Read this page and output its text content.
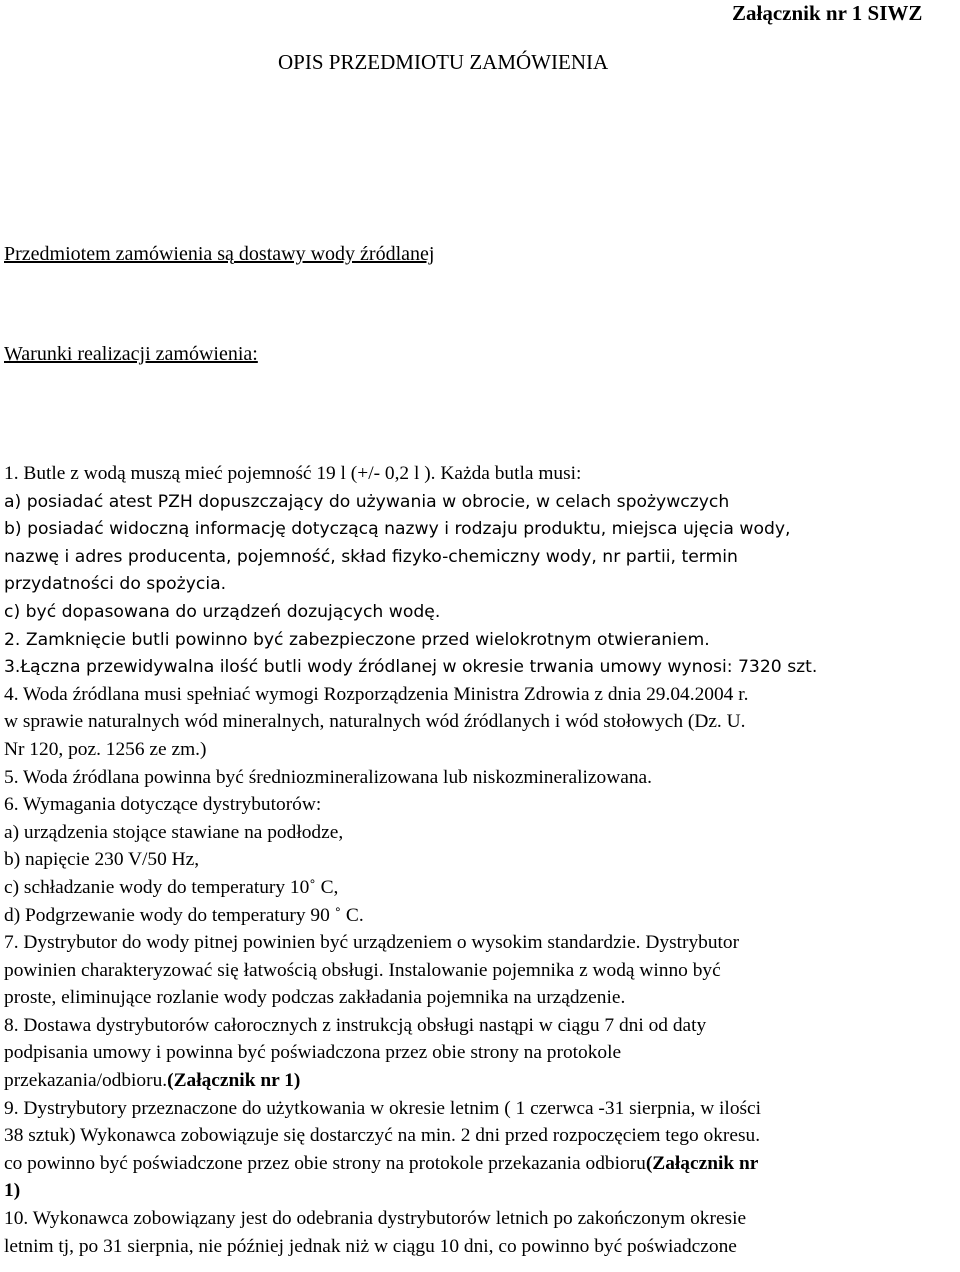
Załącznik nr 1 SIWZ
OPIS PRZEDMIOTU ZAMÓWIENIA
Przedmiotem zamówienia są dostawy wody źródlanej
Warunki realizacji zamówienia:
1. Butle z wodą muszą mieć pojemność 19 l (+/- 0,2 l ). Każda butla musi:
a) posiadać atest PZH dopuszczający do używania w obrocie, w celach spożywczych
b) posiadać widoczną informację dotyczącą nazwy i rodzaju produktu, miejsca ujęcia wody,
nazwę i adres producenta, pojemność, skład fizyko-chemiczny wody, nr partii, termin
przydatności do spożycia.
c) być dopasowana do urządzeń dozujących wodę.
2. Zamknięcie butli powinno być zabezpieczone przed wielokrotnym otwieraniem.
3.Łączna przewidywalna ilość butli wody źródlanej w okresie trwania umowy wynosi: 7320 szt.
4. Woda źródlana musi spełniać wymogi Rozporządzenia Ministra Zdrowia z dnia 29.04.2004 r.
w sprawie naturalnych wód mineralnych, naturalnych wód źródlanych i wód stołowych (Dz. U.
Nr 120, poz. 1256 ze zm.)
5. Woda źródlana powinna być średniozmineralizowana lub niskozmineralizowana.
6. Wymagania dotyczące dystrybutorów:
a) urządzenia stojące stawiane na podłodze,
b) napięcie 230 V/50 Hz,
c) schładzanie wody do temperatury 10˚ C,
d) Podgrzewanie wody do temperatury 90 ˚ C.
7. Dystrybutor do wody pitnej powinien być urządzeniem o wysokim standardzie. Dystrybutor
powinien charakteryzować się łatwością obsługi. Instalowanie pojemnika z wodą winno być
proste, eliminujące rozlanie wody podczas zakładania pojemnika na urządzenie.
8. Dostawa dystrybutorów całorocznych z instrukcją obsługi nastąpi w ciągu 7 dni od daty
podpisania umowy i powinna być poświadczona przez obie strony na protokole
przekazania/odbioru.(Załącznik nr 1)
9. Dystrybutory przeznaczone do użytkowania w okresie letnim ( 1 czerwca -31 sierpnia, w ilości
38 sztuk) Wykonawca zobowiązuje się dostarczyć na min. 2 dni przed rozpoczęciem tego okresu.
co powinno być poświadczone przez obie strony na protokole przekazania odbioru(Załącznik nr
1)
10. Wykonawca zobowiązany jest do odebrania dystrybutorów letnich po zakończonym okresie
letnim tj, po 31 sierpnia, nie później jednak niż w ciągu 10 dni, co powinno być poświadczone
